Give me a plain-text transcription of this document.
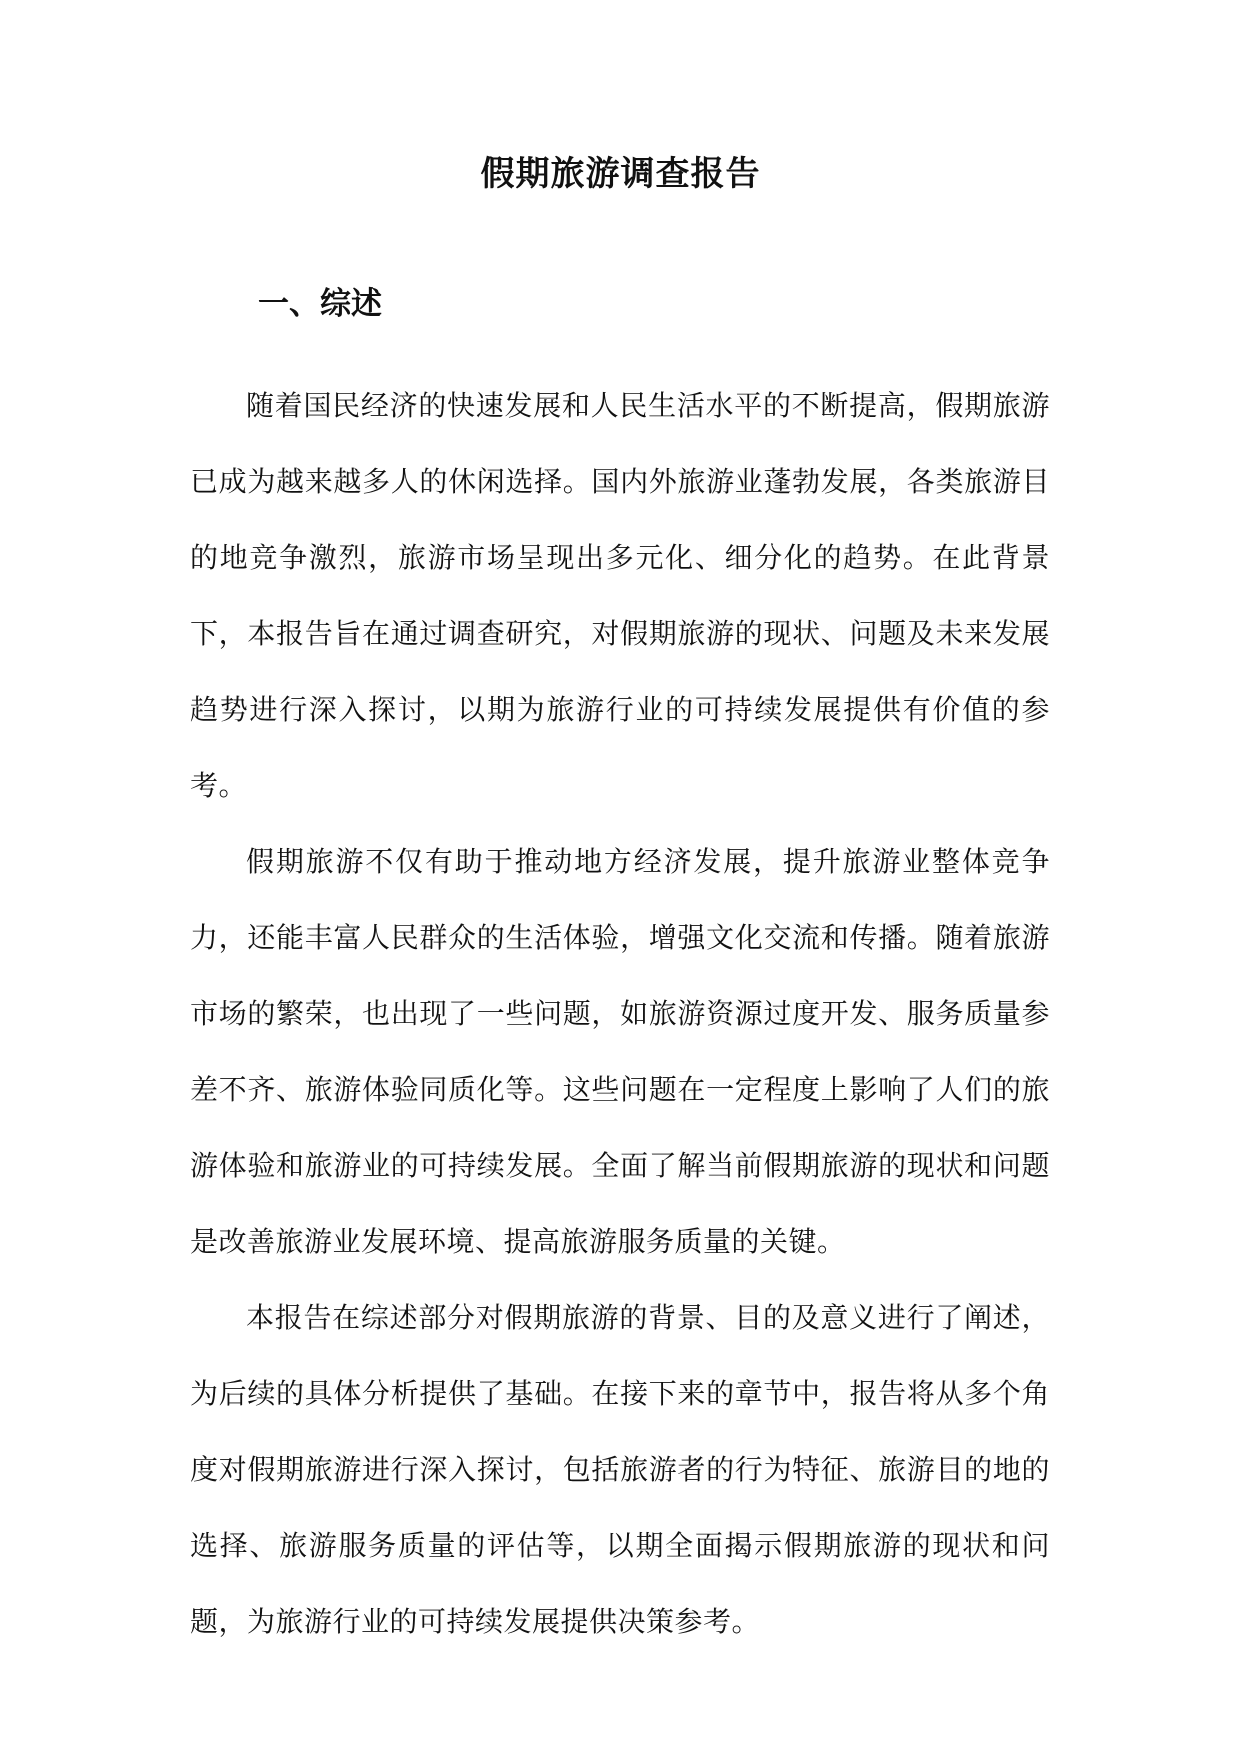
假期旅游调查报告
一、综述

随着国民经济的快速发展和人民生活水平的不断提高，假期旅游已成为越来越多人的休闲选择。国内外旅游业蓬勃发展，各类旅游目的地竞争激烈，旅游市场呈现出多元化、细分化的趋势。在此背景下，本报告旨在通过调查研究，对假期旅游的现状、问题及未来发展趋势进行深入探讨，以期为旅游行业的可持续发展提供有价值的参考。

假期旅游不仅有助于推动地方经济发展，提升旅游业整体竞争力，还能丰富人民群众的生活体验，增强文化交流和传播。随着旅游市场的繁荣，也出现了一些问题，如旅游资源过度开发、服务质量参差不齐、旅游体验同质化等。这些问题在一定程度上影响了人们的旅游体验和旅游业的可持续发展。全面了解当前假期旅游的现状和问题是改善旅游业发展环境、提高旅游服务质量的关键。

本报告在综述部分对假期旅游的背景、目的及意义进行了阐述，为后续的具体分析提供了基础。在接下来的章节中，报告将从多个角度对假期旅游进行深入探讨，包括旅游者的行为特征、旅游目的地的选择、旅游服务质量的评估等，以期全面揭示假期旅游的现状和问题，为旅游行业的可持续发展提供决策参考。
